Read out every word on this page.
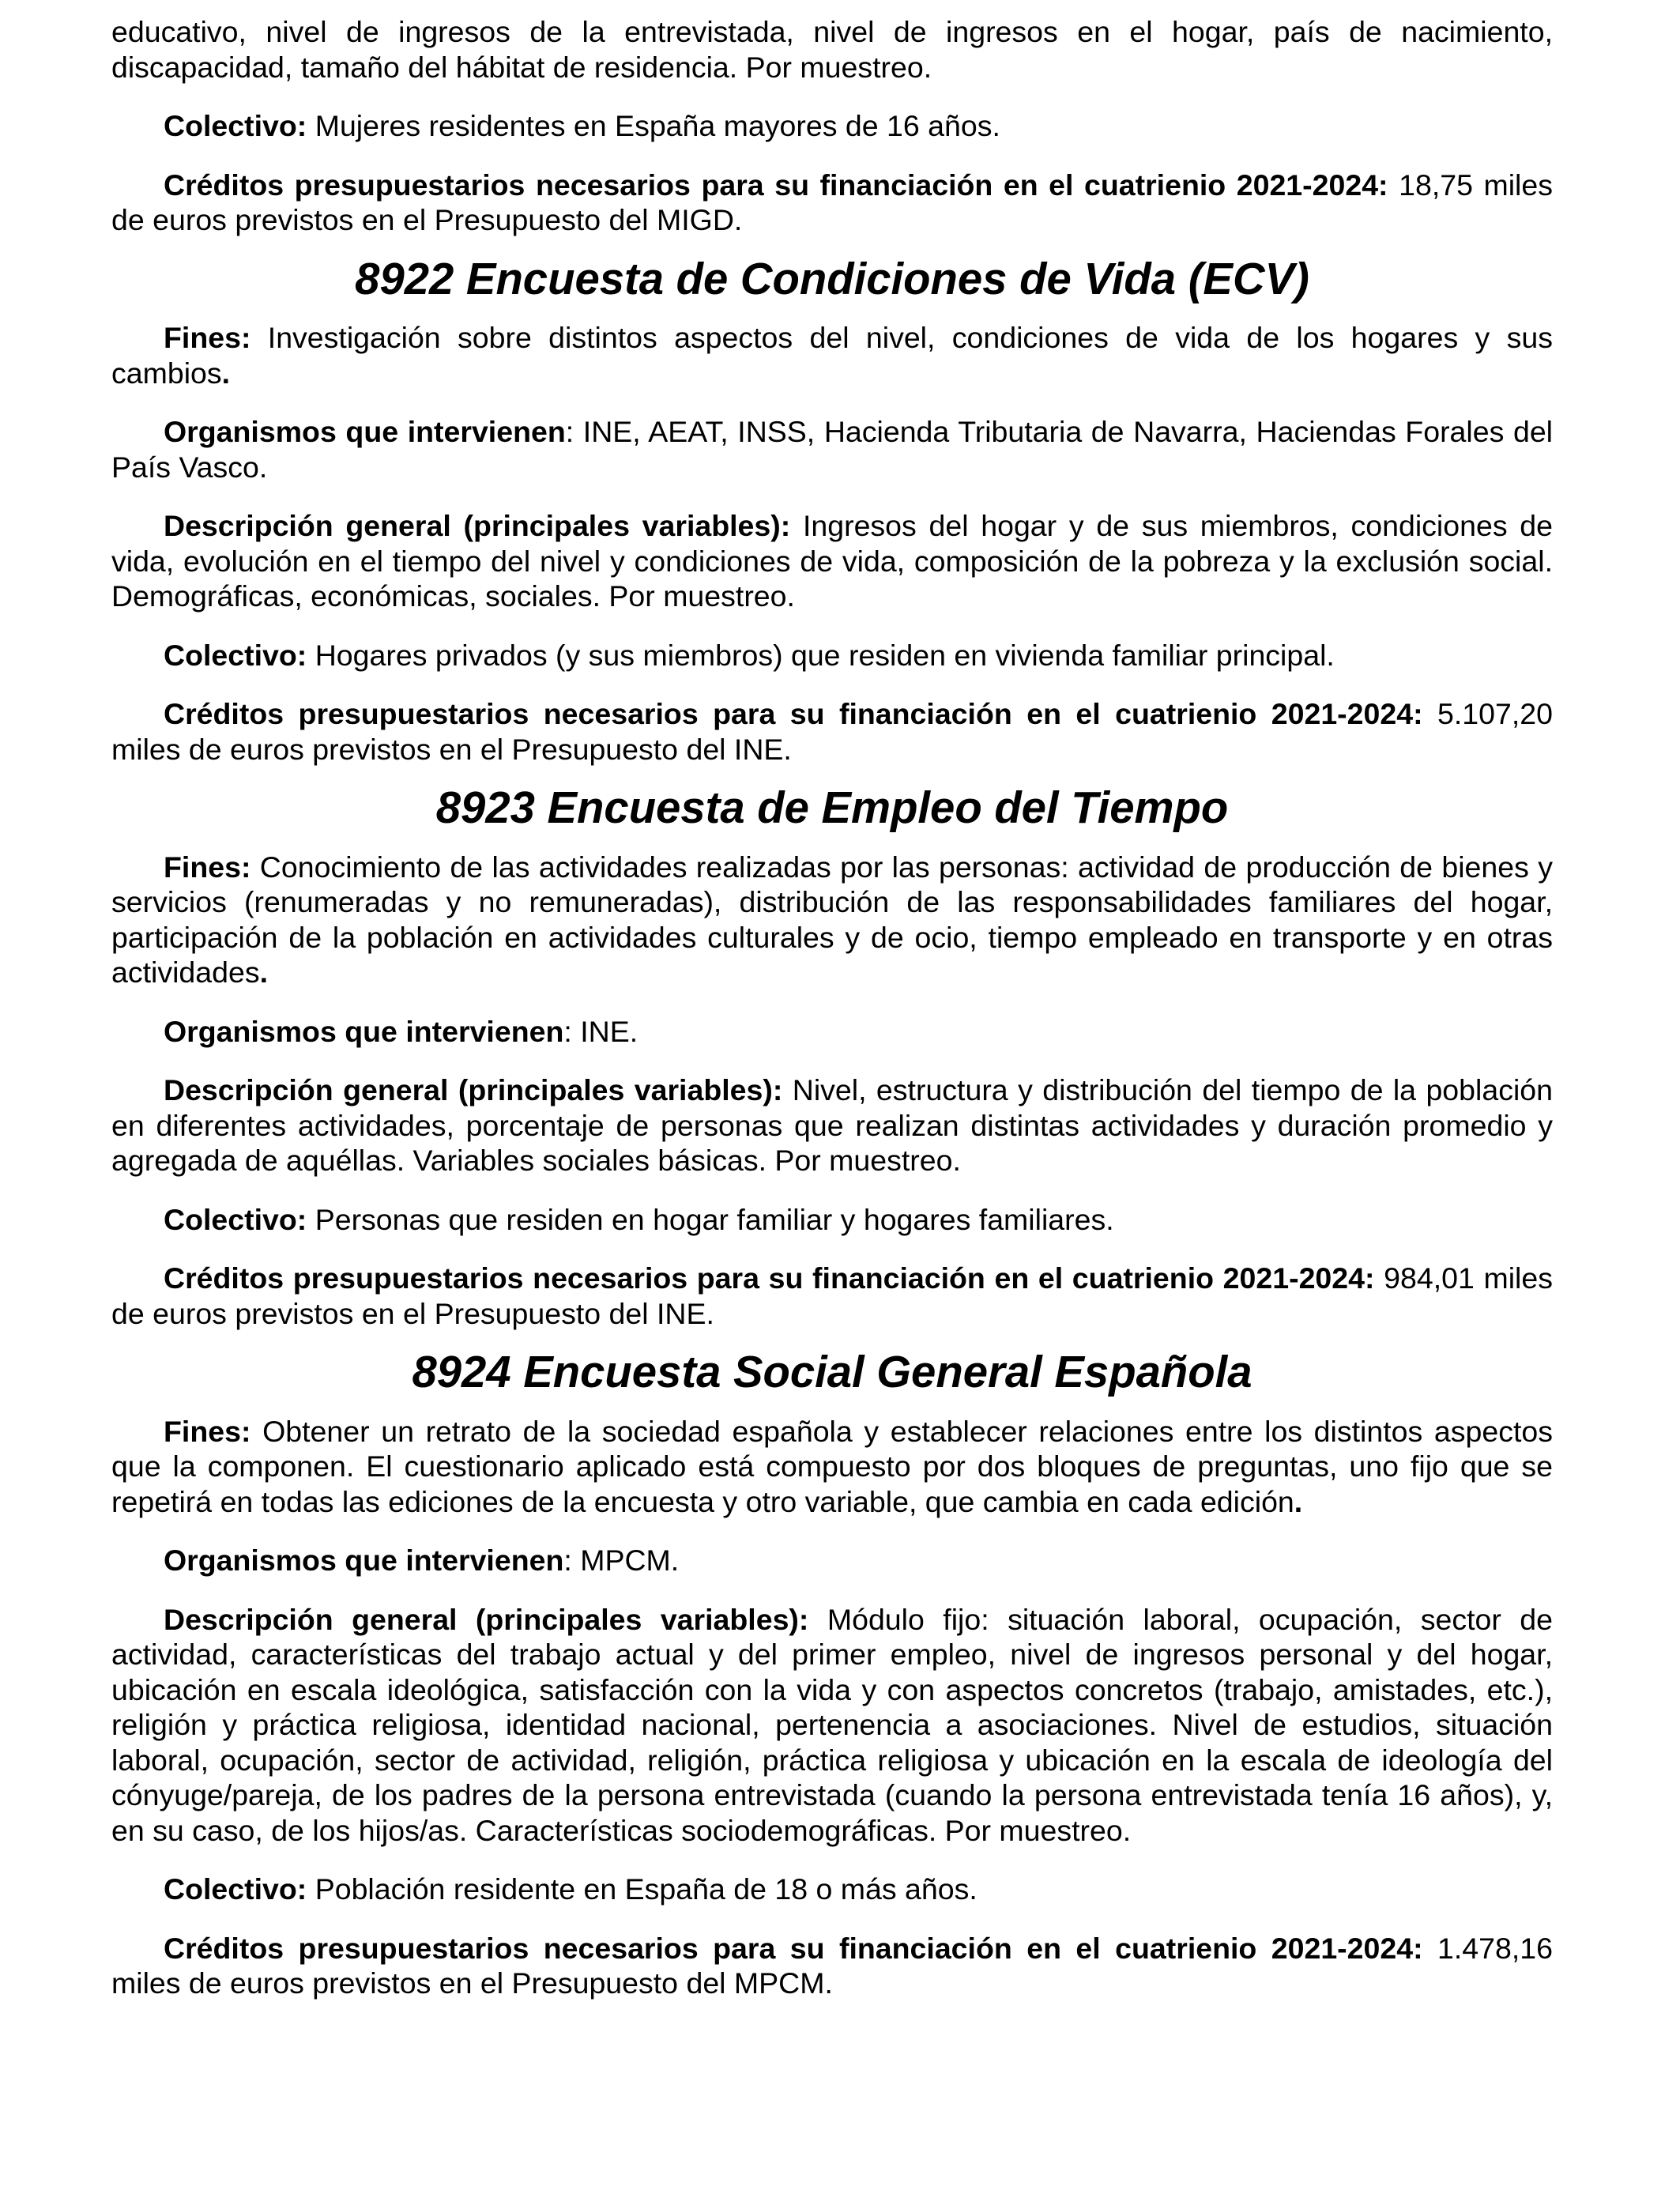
educativo, nivel de ingresos de la entrevistada, nivel de ingresos en el hogar, país de nacimiento, discapacidad, tamaño del hábitat de residencia. Por muestreo.

Colectivo: Mujeres residentes en España mayores de 16 años.

Créditos presupuestarios necesarios para su financiación en el cuatrienio 2021-2024: 18,75 miles de euros previstos en el Presupuesto del MIGD.

8922 Encuesta de Condiciones de Vida (ECV)

Fines: Investigación sobre distintos aspectos del nivel, condiciones de vida de los hogares y sus cambios.

Organismos que intervienen: INE, AEAT, INSS, Hacienda Tributaria de Navarra, Haciendas Forales del País Vasco.

Descripción general (principales variables): Ingresos del hogar y de sus miembros, condiciones de vida, evolución en el tiempo del nivel y condiciones de vida, composición de la pobreza y la exclusión social. Demográficas, económicas, sociales. Por muestreo.

Colectivo: Hogares privados (y sus miembros) que residen en vivienda familiar principal.

Créditos presupuestarios necesarios para su financiación en el cuatrienio 2021-2024: 5.107,20 miles de euros previstos en el Presupuesto del INE.

8923 Encuesta de Empleo del Tiempo

Fines: Conocimiento de las actividades realizadas por las personas: actividad de producción de bienes y servicios (renumeradas y no remuneradas), distribución de las responsabilidades familiares del hogar, participación de la población en actividades culturales y de ocio, tiempo empleado en transporte y en otras actividades.

Organismos que intervienen: INE.

Descripción general (principales variables): Nivel, estructura y distribución del tiempo de la población en diferentes actividades, porcentaje de personas que realizan distintas actividades y duración promedio y agregada de aquéllas. Variables sociales básicas. Por muestreo.

Colectivo: Personas que residen en hogar familiar y hogares familiares.

Créditos presupuestarios necesarios para su financiación en el cuatrienio 2021-2024: 984,01 miles de euros previstos en el Presupuesto del INE.

8924 Encuesta Social General Española

Fines: Obtener un retrato de la sociedad española y establecer relaciones entre los distintos aspectos que la componen. El cuestionario aplicado está compuesto por dos bloques de preguntas, uno fijo que se repetirá en todas las ediciones de la encuesta y otro variable, que cambia en cada edición.

Organismos que intervienen: MPCM.

Descripción general (principales variables): Módulo fijo: situación laboral, ocupación, sector de actividad, características del trabajo actual y del primer empleo, nivel de ingresos personal y del hogar, ubicación en escala ideológica, satisfacción con la vida y con aspectos concretos (trabajo, amistades, etc.), religión y práctica religiosa, identidad nacional, pertenencia a asociaciones. Nivel de estudios, situación laboral, ocupación, sector de actividad, religión, práctica religiosa y ubicación en la escala de ideología del cónyuge/pareja, de los padres de la persona entrevistada (cuando la persona entrevistada tenía 16 años), y, en su caso, de los hijos/as. Características sociodemográficas. Por muestreo.

Colectivo: Población residente en España de 18 o más años.

Créditos presupuestarios necesarios para su financiación en el cuatrienio 2021-2024: 1.478,16 miles de euros previstos en el Presupuesto del MPCM.
